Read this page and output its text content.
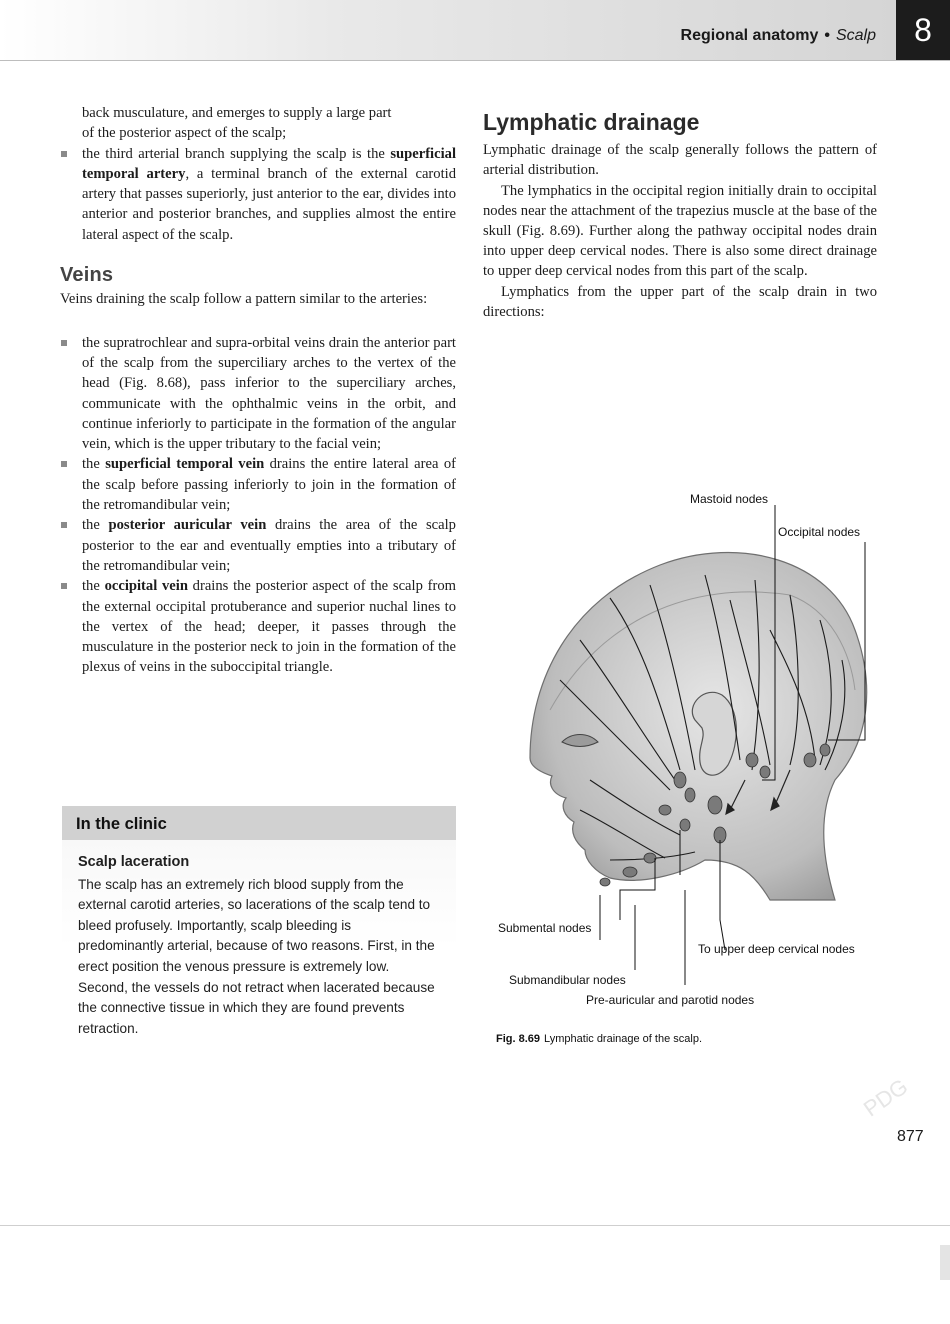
Regional anatomy • Scalp	8

back musculature, and emerges to supply a large part

of the posterior aspect of the scalp;

the third arterial branch supplying the scalp is the superficial temporal artery, a terminal branch of the external carotid artery that passes superiorly, just anterior to the ear, divides into anterior and posterior branches, and supplies almost the entire lateral aspect of the scalp.
Veins

Veins draining the scalp follow a pattern similar to the arteries:

the supratrochlear and supra-orbital veins drain the anterior part of the scalp from the superciliary arches to the vertex of the head (Fig. 8.68), pass inferior to the superciliary arches, communicate with the ophthalmic veins in the orbit, and continue inferiorly to participate in the formation of the angular vein, which is the upper tributary to the facial vein;
the superficial temporal vein drains the entire lateral area of the scalp before passing inferiorly to join in the formation of the retromandibular vein;
the posterior auricular vein drains the area of the scalp posterior to the ear and eventually empties into a tributary of the retromandibular vein;
the occipital vein drains the posterior aspect of the scalp from the external occipital protuberance and superior nuchal lines to the vertex of the head; deeper, it passes through the musculature in the posterior neck to join in the formation of the plexus of veins in the suboccipital triangle.
In the clinic
Scalp laceration
The scalp has an extremely rich blood supply from the external carotid arteries, so lacerations of the scalp tend to bleed profusely. Importantly, scalp bleeding is predominantly arterial, because of two reasons. First, in the erect position the venous pressure is extremely low. Second, the vessels do not retract when lacerated because the connective tissue in which they are found prevents retraction.
Lymphatic drainage

Lymphatic drainage of the scalp generally follows the pattern of arterial distribution.

The lymphatics in the occipital region initially drain to occipital nodes near the attachment of the trapezius muscle at the base of the skull (Fig. 8.69). Further along the pathway occipital nodes drain into upper deep cervical nodes. There is also some direct drainage to upper deep cervical nodes from this part of the scalp.

Lymphatics from the upper part of the scalp drain in two directions:

Mastoid nodes
Occipital nodes
Submental nodes
To upper deep cervical nodes
Submandibular nodes
Pre-auricular and parotid nodes
Fig. 8.69 Lymphatic drainage of the scalp.
PDG
877
